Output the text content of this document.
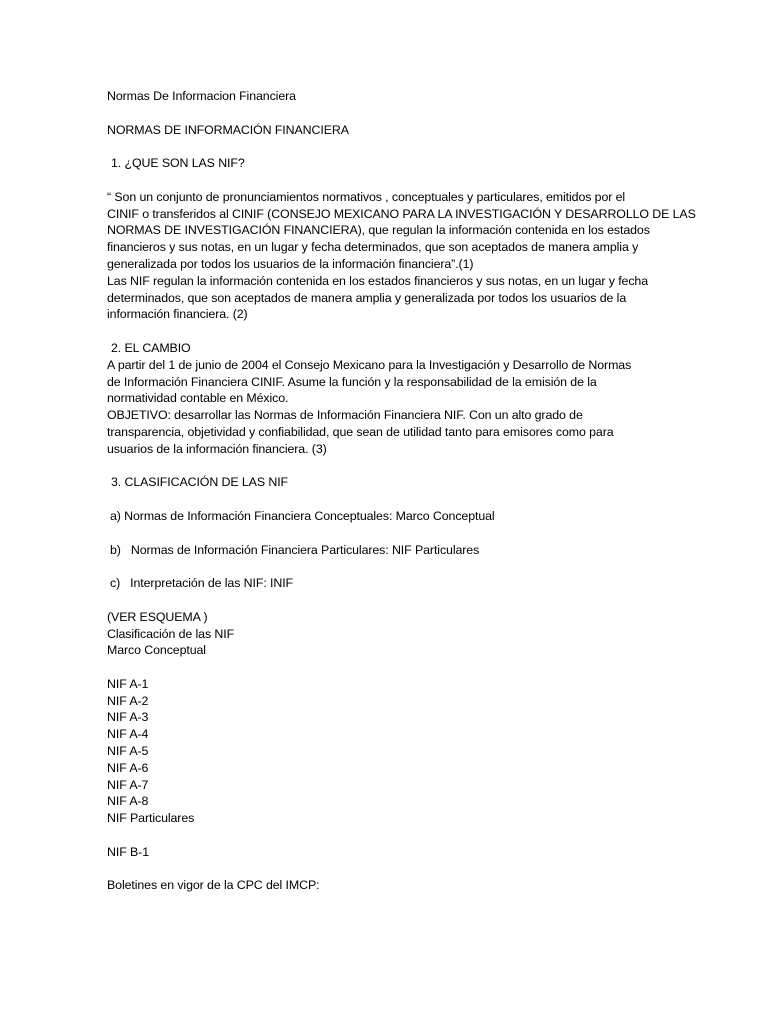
Normas De Informacion Financiera

NORMAS DE INFORMACIÓN FINANCIERA

1. ¿QUE SON LAS NIF?

“ Son un conjunto de pronunciamientos normativos , conceptuales y particulares, emitidos por el

CINIF o transferidos al CINIF (CONSEJO MEXICANO PARA LA INVESTIGACIÓN Y DESARROLLO DE LAS

NORMAS DE INVESTIGACIÓN FINANCIERA), que regulan la información contenida en los estados

financieros y sus notas, en un lugar y fecha determinados, que son aceptados de manera amplia y

generalizada por todos los usuarios de la información financiera”.(1)

Las NIF regulan la información contenida en los estados financieros y sus notas, en un lugar y fecha

determinados, que son aceptados de manera amplia y generalizada por todos los usuarios de la

información financiera. (2)

2. EL CAMBIO

A partir del 1 de junio de 2004 el Consejo Mexicano para la Investigación y Desarrollo de Normas

de Información Financiera CINIF. Asume la función y la responsabilidad de la emisión de la

normatividad contable en México.

OBJETIVO: desarrollar las Normas de Información Financiera NIF. Con un alto grado de

transparencia, objetividad y confiabilidad, que sean de utilidad tanto para emisores como para

usuarios de la información financiera. (3)

3. CLASIFICACIÓN DE LAS NIF

a) Normas de Información Financiera Conceptuales: Marco Conceptual

b)   Normas de Información Financiera Particulares: NIF Particulares

c)   Interpretación de las NIF: INIF

(VER ESQUEMA )

Clasificación de las NIF

Marco Conceptual

NIF A-1

NIF A-2

NIF A-3

NIF A-4

NIF A-5

NIF A-6

NIF A-7

NIF A-8

NIF Particulares

NIF B-1

Boletines en vigor de la CPC del IMCP:
